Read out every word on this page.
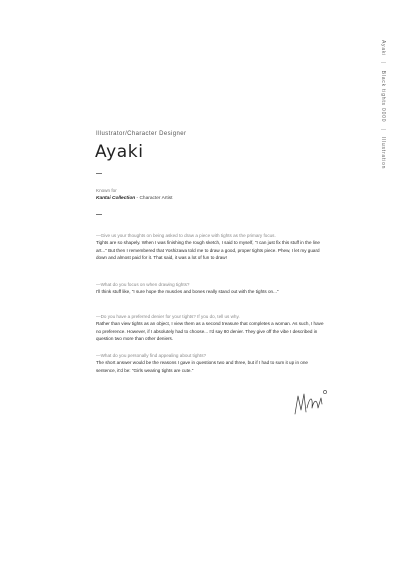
Ayaki | Black tights 0000 | Illustration
Illustrator/Character Designer
Ayaki
Known for
Kantai Collection - Character Artist
—Give us your thoughts on being asked to draw a piece with tights as the primary focus.
Tights are so shapely. When I was finishing the rough sketch, I said to myself, "I can just fix this stuff in the line art..." But then I remembered that Yoshizawa told me to draw a good, proper tights piece. Phew, I let my guard down and almost paid for it. That said, it was a lot of fun to draw!
—What do you focus on when drawing tights?
I'll think stuff like, "I sure hope the muscles and bones really stand out with the tights on..."
—Do you have a preferred denier for your tights? If you do, tell us why.
Rather than view tights as an object, I view them as a second treasure that completes a woman. As such, I have no preference. However, if I absolutely had to choose... I'd say 80 denier. They give off the vibe I described in question two more than other deniers.
—What do you personally find appealing about tights?
The short answer would be the reasons I gave in questions two and three, but if I had to sum it up in one sentence, it'd be: "Girls wearing tights are cute."
